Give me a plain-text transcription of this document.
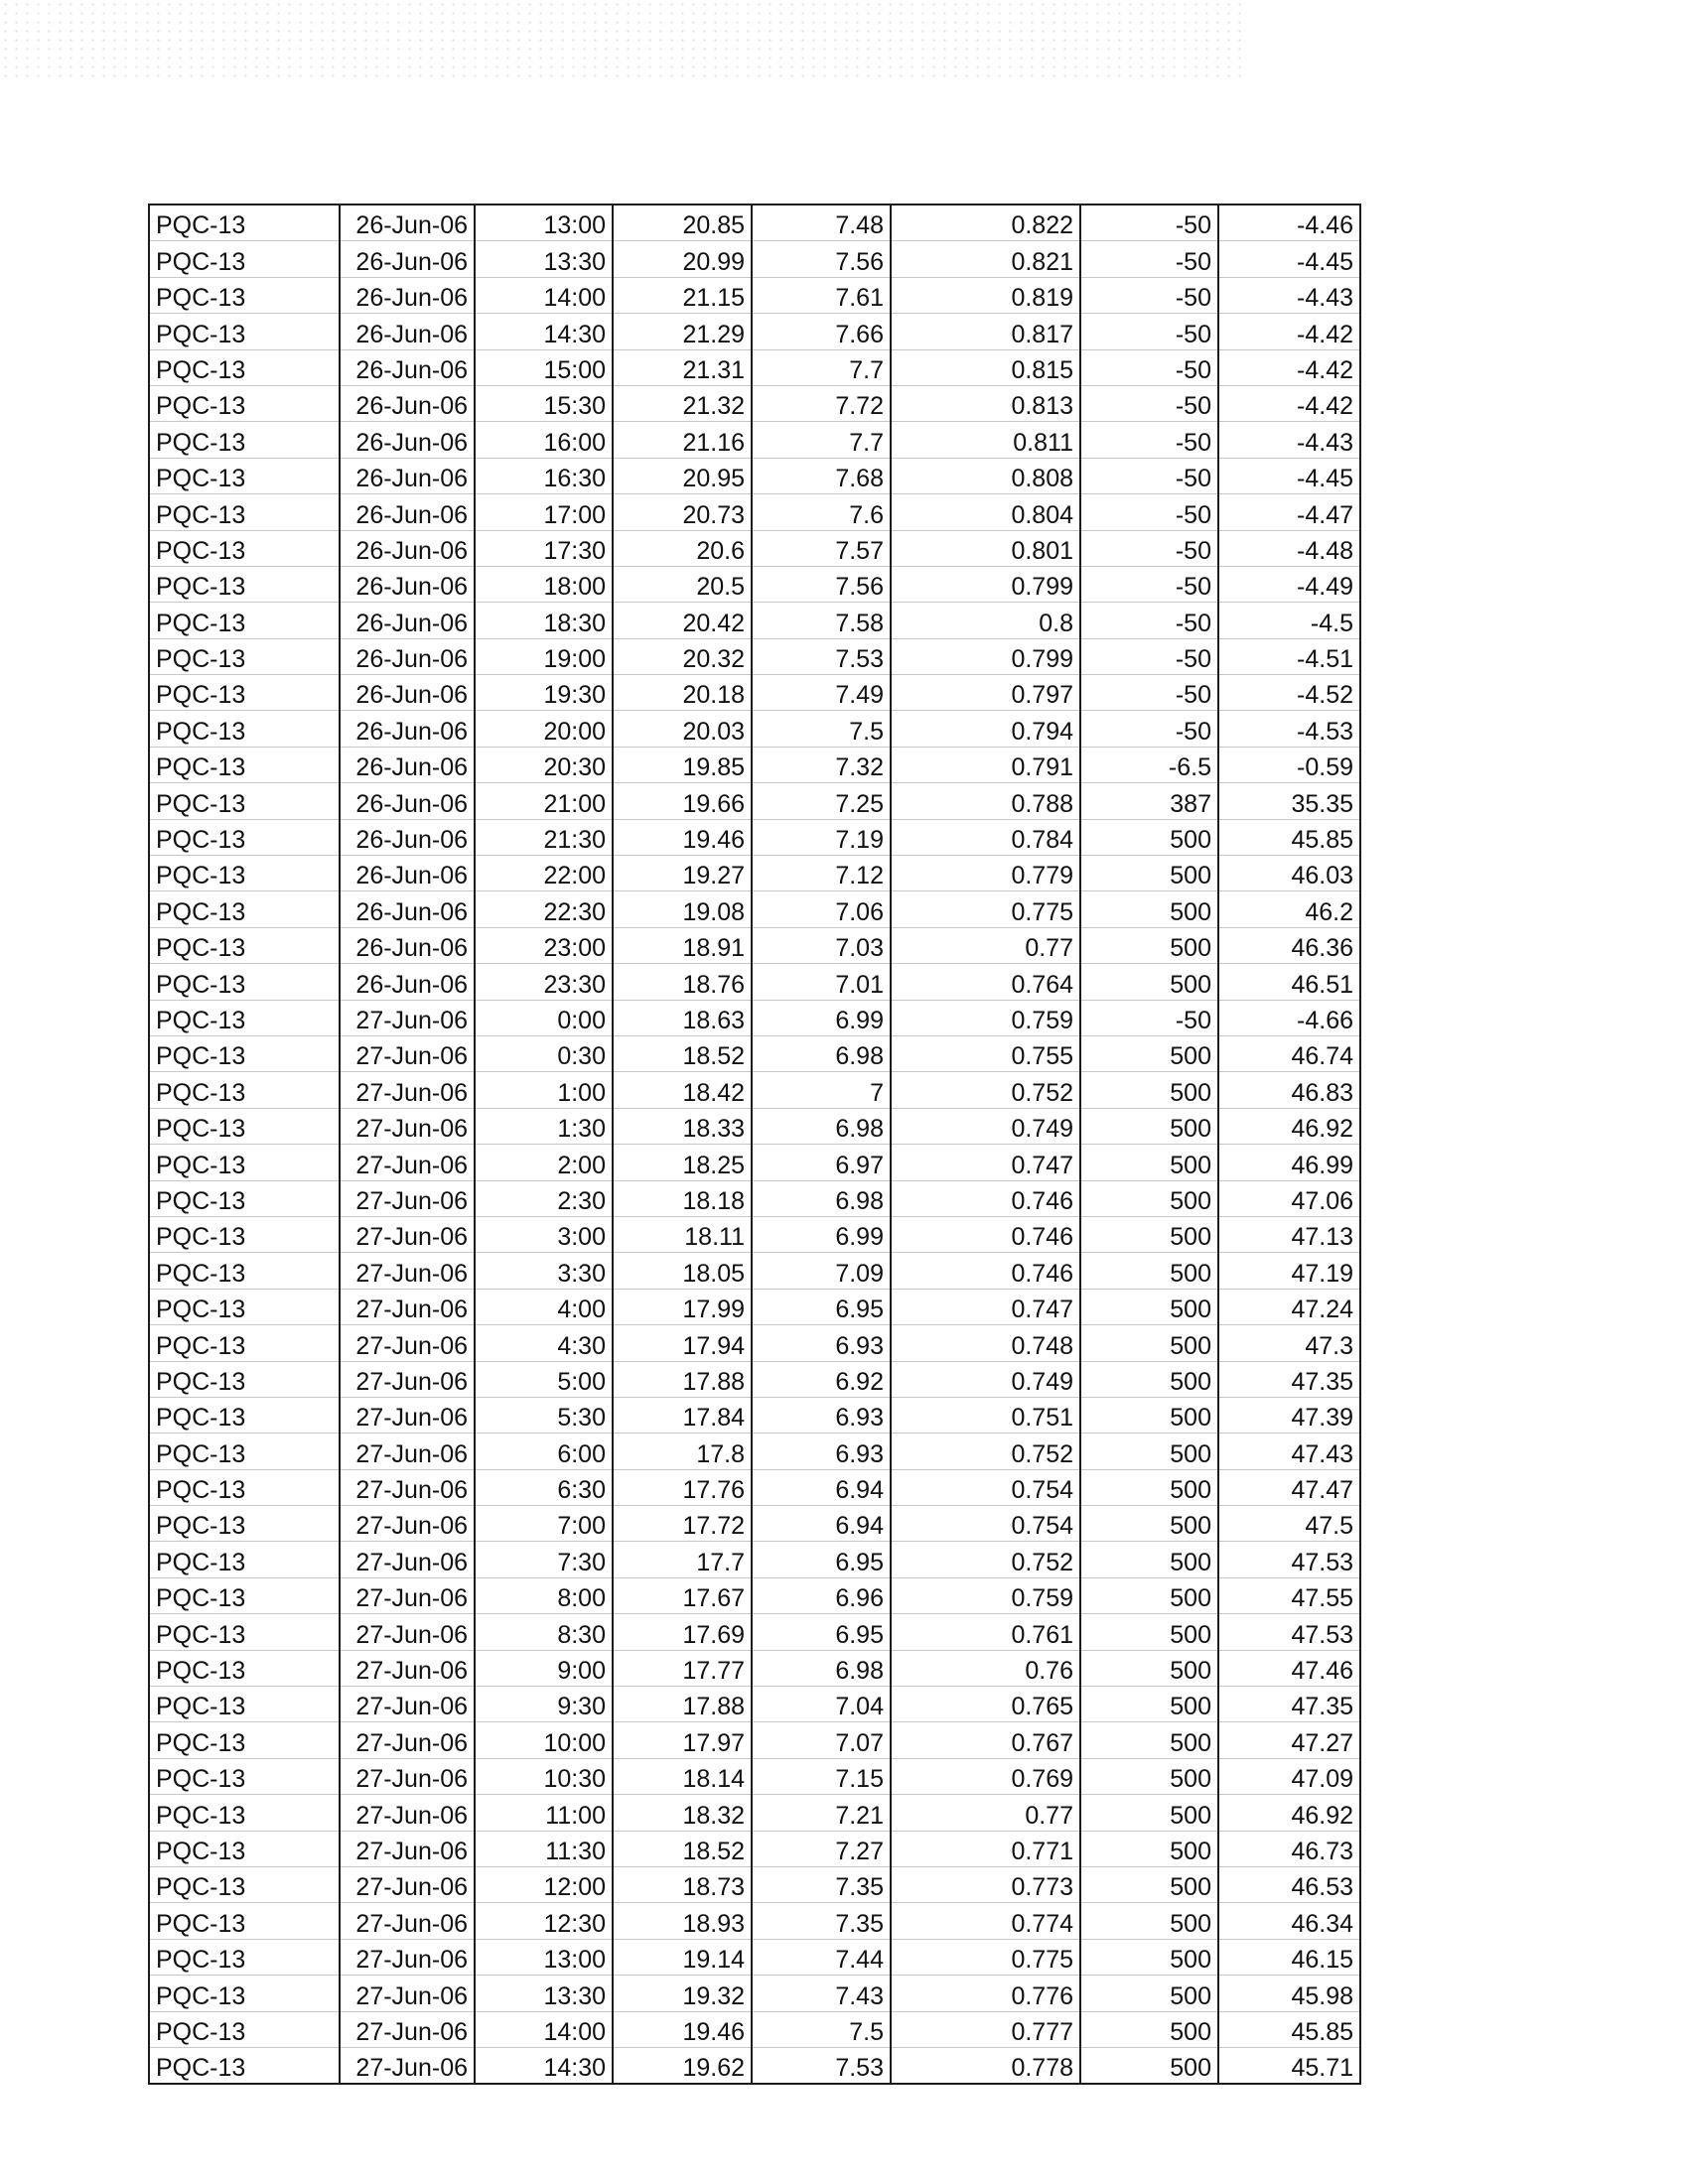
PQC-13	26-Jun-06	13:00	20.85	7.48	0.822	-50	-4.46
PQC-13	26-Jun-06	13:30	20.99	7.56	0.821	-50	-4.45
PQC-13	26-Jun-06	14:00	21.15	7.61	0.819	-50	-4.43
PQC-13	26-Jun-06	14:30	21.29	7.66	0.817	-50	-4.42
PQC-13	26-Jun-06	15:00	21.31	7.7	0.815	-50	-4.42
PQC-13	26-Jun-06	15:30	21.32	7.72	0.813	-50	-4.42
PQC-13	26-Jun-06	16:00	21.16	7.7	0.811	-50	-4.43
PQC-13	26-Jun-06	16:30	20.95	7.68	0.808	-50	-4.45
PQC-13	26-Jun-06	17:00	20.73	7.6	0.804	-50	-4.47
PQC-13	26-Jun-06	17:30	20.6	7.57	0.801	-50	-4.48
PQC-13	26-Jun-06	18:00	20.5	7.56	0.799	-50	-4.49
PQC-13	26-Jun-06	18:30	20.42	7.58	0.8	-50	-4.5
PQC-13	26-Jun-06	19:00	20.32	7.53	0.799	-50	-4.51
PQC-13	26-Jun-06	19:30	20.18	7.49	0.797	-50	-4.52
PQC-13	26-Jun-06	20:00	20.03	7.5	0.794	-50	-4.53
PQC-13	26-Jun-06	20:30	19.85	7.32	0.791	-6.5	-0.59
PQC-13	26-Jun-06	21:00	19.66	7.25	0.788	387	35.35
PQC-13	26-Jun-06	21:30	19.46	7.19	0.784	500	45.85
PQC-13	26-Jun-06	22:00	19.27	7.12	0.779	500	46.03
PQC-13	26-Jun-06	22:30	19.08	7.06	0.775	500	46.2
PQC-13	26-Jun-06	23:00	18.91	7.03	0.77	500	46.36
PQC-13	26-Jun-06	23:30	18.76	7.01	0.764	500	46.51
PQC-13	27-Jun-06	0:00	18.63	6.99	0.759	-50	-4.66
PQC-13	27-Jun-06	0:30	18.52	6.98	0.755	500	46.74
PQC-13	27-Jun-06	1:00	18.42	7	0.752	500	46.83
PQC-13	27-Jun-06	1:30	18.33	6.98	0.749	500	46.92
PQC-13	27-Jun-06	2:00	18.25	6.97	0.747	500	46.99
PQC-13	27-Jun-06	2:30	18.18	6.98	0.746	500	47.06
PQC-13	27-Jun-06	3:00	18.11	6.99	0.746	500	47.13
PQC-13	27-Jun-06	3:30	18.05	7.09	0.746	500	47.19
PQC-13	27-Jun-06	4:00	17.99	6.95	0.747	500	47.24
PQC-13	27-Jun-06	4:30	17.94	6.93	0.748	500	47.3
PQC-13	27-Jun-06	5:00	17.88	6.92	0.749	500	47.35
PQC-13	27-Jun-06	5:30	17.84	6.93	0.751	500	47.39
PQC-13	27-Jun-06	6:00	17.8	6.93	0.752	500	47.43
PQC-13	27-Jun-06	6:30	17.76	6.94	0.754	500	47.47
PQC-13	27-Jun-06	7:00	17.72	6.94	0.754	500	47.5
PQC-13	27-Jun-06	7:30	17.7	6.95	0.752	500	47.53
PQC-13	27-Jun-06	8:00	17.67	6.96	0.759	500	47.55
PQC-13	27-Jun-06	8:30	17.69	6.95	0.761	500	47.53
PQC-13	27-Jun-06	9:00	17.77	6.98	0.76	500	47.46
PQC-13	27-Jun-06	9:30	17.88	7.04	0.765	500	47.35
PQC-13	27-Jun-06	10:00	17.97	7.07	0.767	500	47.27
PQC-13	27-Jun-06	10:30	18.14	7.15	0.769	500	47.09
PQC-13	27-Jun-06	11:00	18.32	7.21	0.77	500	46.92
PQC-13	27-Jun-06	11:30	18.52	7.27	0.771	500	46.73
PQC-13	27-Jun-06	12:00	18.73	7.35	0.773	500	46.53
PQC-13	27-Jun-06	12:30	18.93	7.35	0.774	500	46.34
PQC-13	27-Jun-06	13:00	19.14	7.44	0.775	500	46.15
PQC-13	27-Jun-06	13:30	19.32	7.43	0.776	500	45.98
PQC-13	27-Jun-06	14:00	19.46	7.5	0.777	500	45.85
PQC-13	27-Jun-06	14:30	19.62	7.53	0.778	500	45.71
